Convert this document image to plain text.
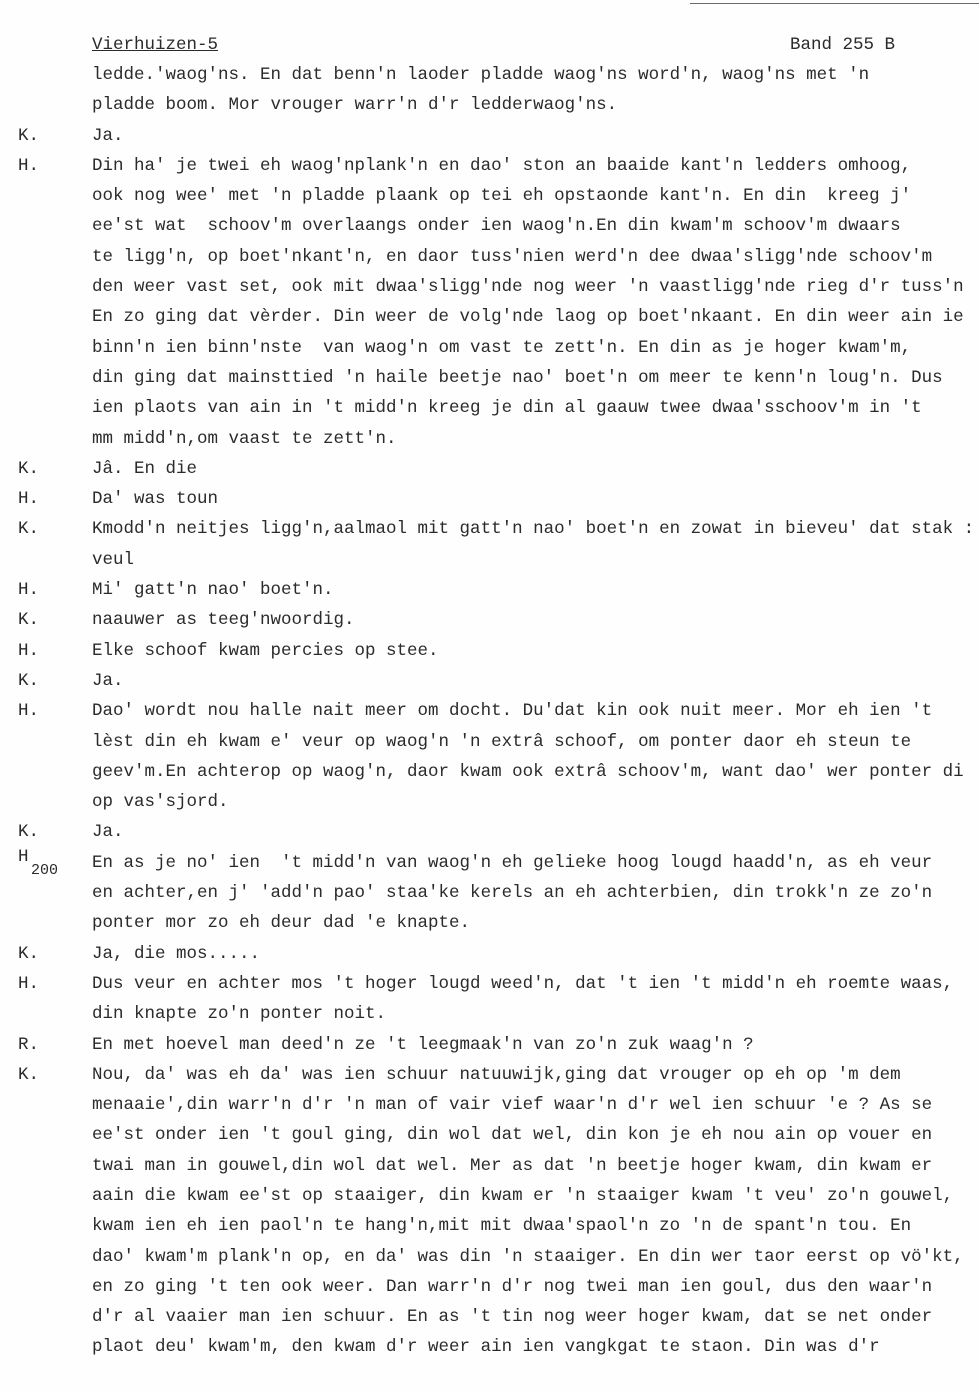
Vierhuizen-5	Band 255 B
ledde.'waog'ns. En dat benn'n laoder pladde waog'ns word'n, waog'ns met 'n
pladde boom. Mor vrouger warr'n d'r ledderwaog'ns.
K.	Ja.
H.	Din ha' je twei eh waog'nplank'n en dao' ston an baaide kant'n ledders omhoog,
ook nog wee' met 'n pladde plaank op tei eh opstaonde kant'n. En din  kreeg j'
ee'st wat  schoov'm overlaangs onder ien waog'n.En din kwam'm schoov'm dwaars
te ligg'n, op boet'nkant'n, en daor tuss'nien werd'n dee dwaa'sligg'nde schoov'm
den weer vast set, ook mit dwaa'sligg'nde nog weer 'n vaastligg'nde rieg d'r tuss'n
En zo ging dat vèrder. Din weer de volg'nde laog op boet'nkaant. En din weer ain ie
binn'n ien binn'nste  van waog'n om vast te zett'n. En din as je hoger kwam'm,
din ging dat mainsttied 'n haile beetje nao' boet'n om meer te kenn'n loug'n. Dus
ien plaots van ain in 't midd'n kreeg je din al gaauw twee dwaa'sschoov'm in 't
mm midd'n,om vaast te zett'n.
K.	Jâ. En die
H.	Da' was toun
K.	Kmodd'n neitjes ligg'n,aalmaol mit gatt'n nao' boet'n en zowat in bieveu' dat stak :
veul
H.	Mi' gatt'n nao' boet'n.
K.	naauwer as teeg'nwoordig.
H.	Elke schoof kwam percies op stee.
K.	Ja.
H.	Dao' wordt nou halle nait meer om docht. Du'dat kin ook nuit meer. Mor eh ien 't
lèst din eh kwam e' veur op waog'n 'n extrâ schoof, om ponter daor eh steun te
geev'm.En achterop op waog'n, daor kwam ook extrâ schoov'm, want dao' wer ponter di
op vas'sjord.
K.	Ja.
H
200 En as je no' ien  't midd'n van waog'n eh gelieke hoog lougd haadd'n, as eh veur
en achter,en j' 'add'n pao' staa'ke kerels an eh achterbien, din trokk'n ze zo'n
ponter mor zo eh deur dad 'e knapte.
K.	Ja, die mos.....
H.	Dus veur en achter mos 't hoger lougd weed'n, dat 't ien 't midd'n eh roemte waas,
din knapte zo'n ponter noit.
R.	En met hoevel man deed'n ze 't leegmaak'n van zo'n zuk waag'n ?
K.	Nou, da' was eh da' was ien schuur natuuwijk,ging dat vrouger op eh op 'm dem
menaaie',din warr'n d'r 'n man of vair vief waar'n d'r wel ien schuur 'e ? As se
ee'st onder ien 't goul ging, din wol dat wel, din kon je eh nou ain op vouer en
twai man in gouwel,din wol dat wel. Mer as dat 'n beetje hoger kwam, din kwam er
aain die kwam ee'st op staaiger, din kwam er 'n staaiger kwam 't veu' zo'n gouwel,
kwam ien eh ien paol'n te hang'n,mit mit dwaa'spaol'n zo 'n de spant'n tou. En
dao' kwam'm plank'n op, en da' was din 'n staaiger. En din wer taor eerst op vö'kt,
en zo ging 't ten ook weer. Dan warr'n d'r nog twei man ien goul, dus den waar'n
d'r al vaaier man ien schuur. En as 't tin nog weer hoger kwam, dat se net onder
plaot deu' kwam'm, den kwam d'r weer ain ien vangkgat te staon. Din was d'r
